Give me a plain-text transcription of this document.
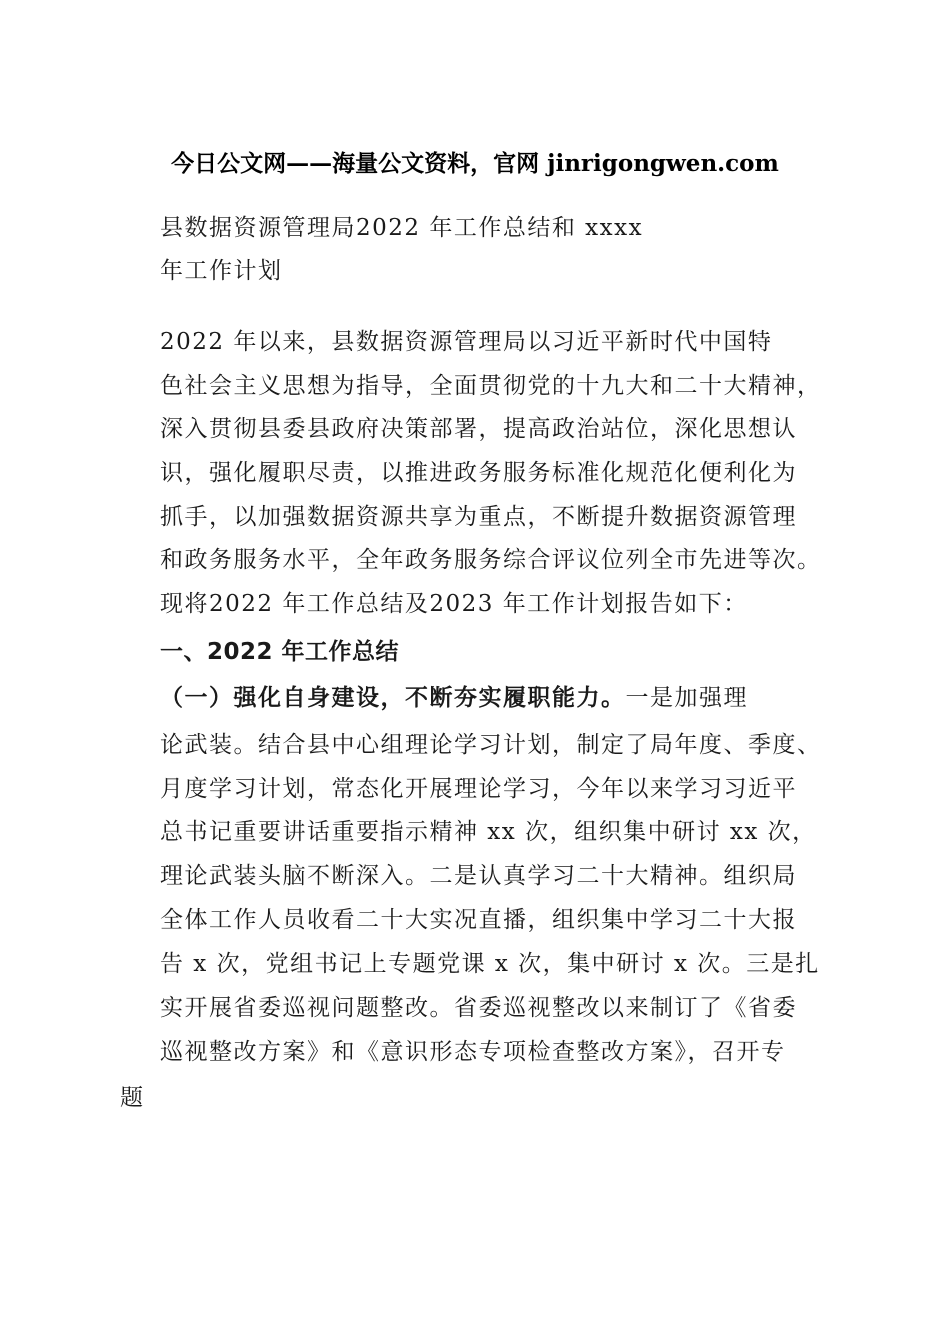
今日公文网——海量公文资料，官网 jinrigongwen.com
县数据资源管理局2022 年工作总结和 xxxx
年工作计划
2022 年以来，县数据资源管理局以习近平新时代中国特
色社会主义思想为指导，全面贯彻党的十九大和二十大精神，
深入贯彻县委县政府决策部署，提高政治站位，深化思想认
识，强化履职尽责，以推进政务服务标准化规范化便利化为
抓手，以加强数据资源共享为重点，不断提升数据资源管理
和政务服务水平，全年政务服务综合评议位列全市先进等次。
现将2022 年工作总结及2023 年工作计划报告如下：
一、2022 年工作总结
（一）强化自身建设，不断夯实履职能力。一是加强理
论武装。结合县中心组理论学习计划，制定了局年度、季度、
月度学习计划，常态化开展理论学习，今年以来学习习近平
总书记重要讲话重要指示精神 xx 次，组织集中研讨 xx 次，
理论武装头脑不断深入。二是认真学习二十大精神。组织局
全体工作人员收看二十大实况直播，组织集中学习二十大报
告 x 次，党组书记上专题党课 x 次，集中研讨 x 次。三是扎
实开展省委巡视问题整改。省委巡视整改以来制订了《省委
巡视整改方案》和《意识形态专项检查整改方案》，召开专
题
